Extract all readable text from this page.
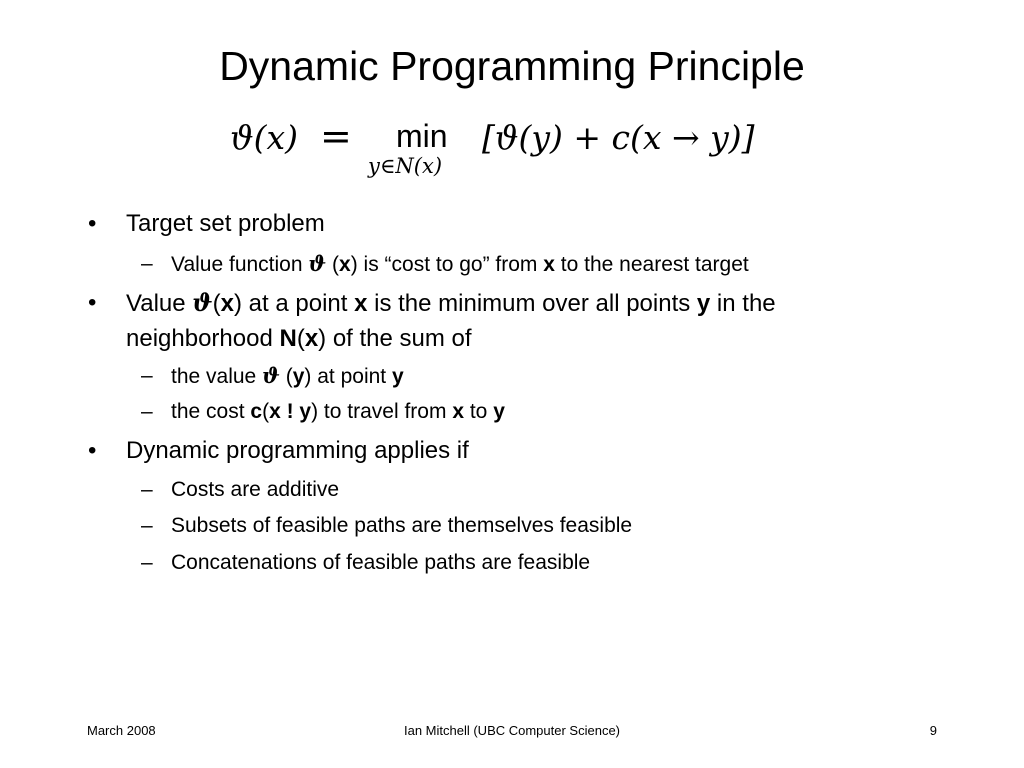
Dynamic Programming Principle
ϑ(x) = min
y∈N(x)
[ϑ(y) + c(x → y)]
• Target set problem
– Value function ϑ (x) is “cost to go” from x to the nearest target
• Value ϑ(x) at a point x is the minimum over all points y in the neighborhood N(x) of the sum of
– the value ϑ (y) at point y
– the cost c(x ! y) to travel from x to y
• Dynamic programming applies if
– Costs are additive
– Subsets of feasible paths are themselves feasible
– Concatenations of feasible paths are feasible
March 2008	Ian Mitchell (UBC Computer Science)	9
